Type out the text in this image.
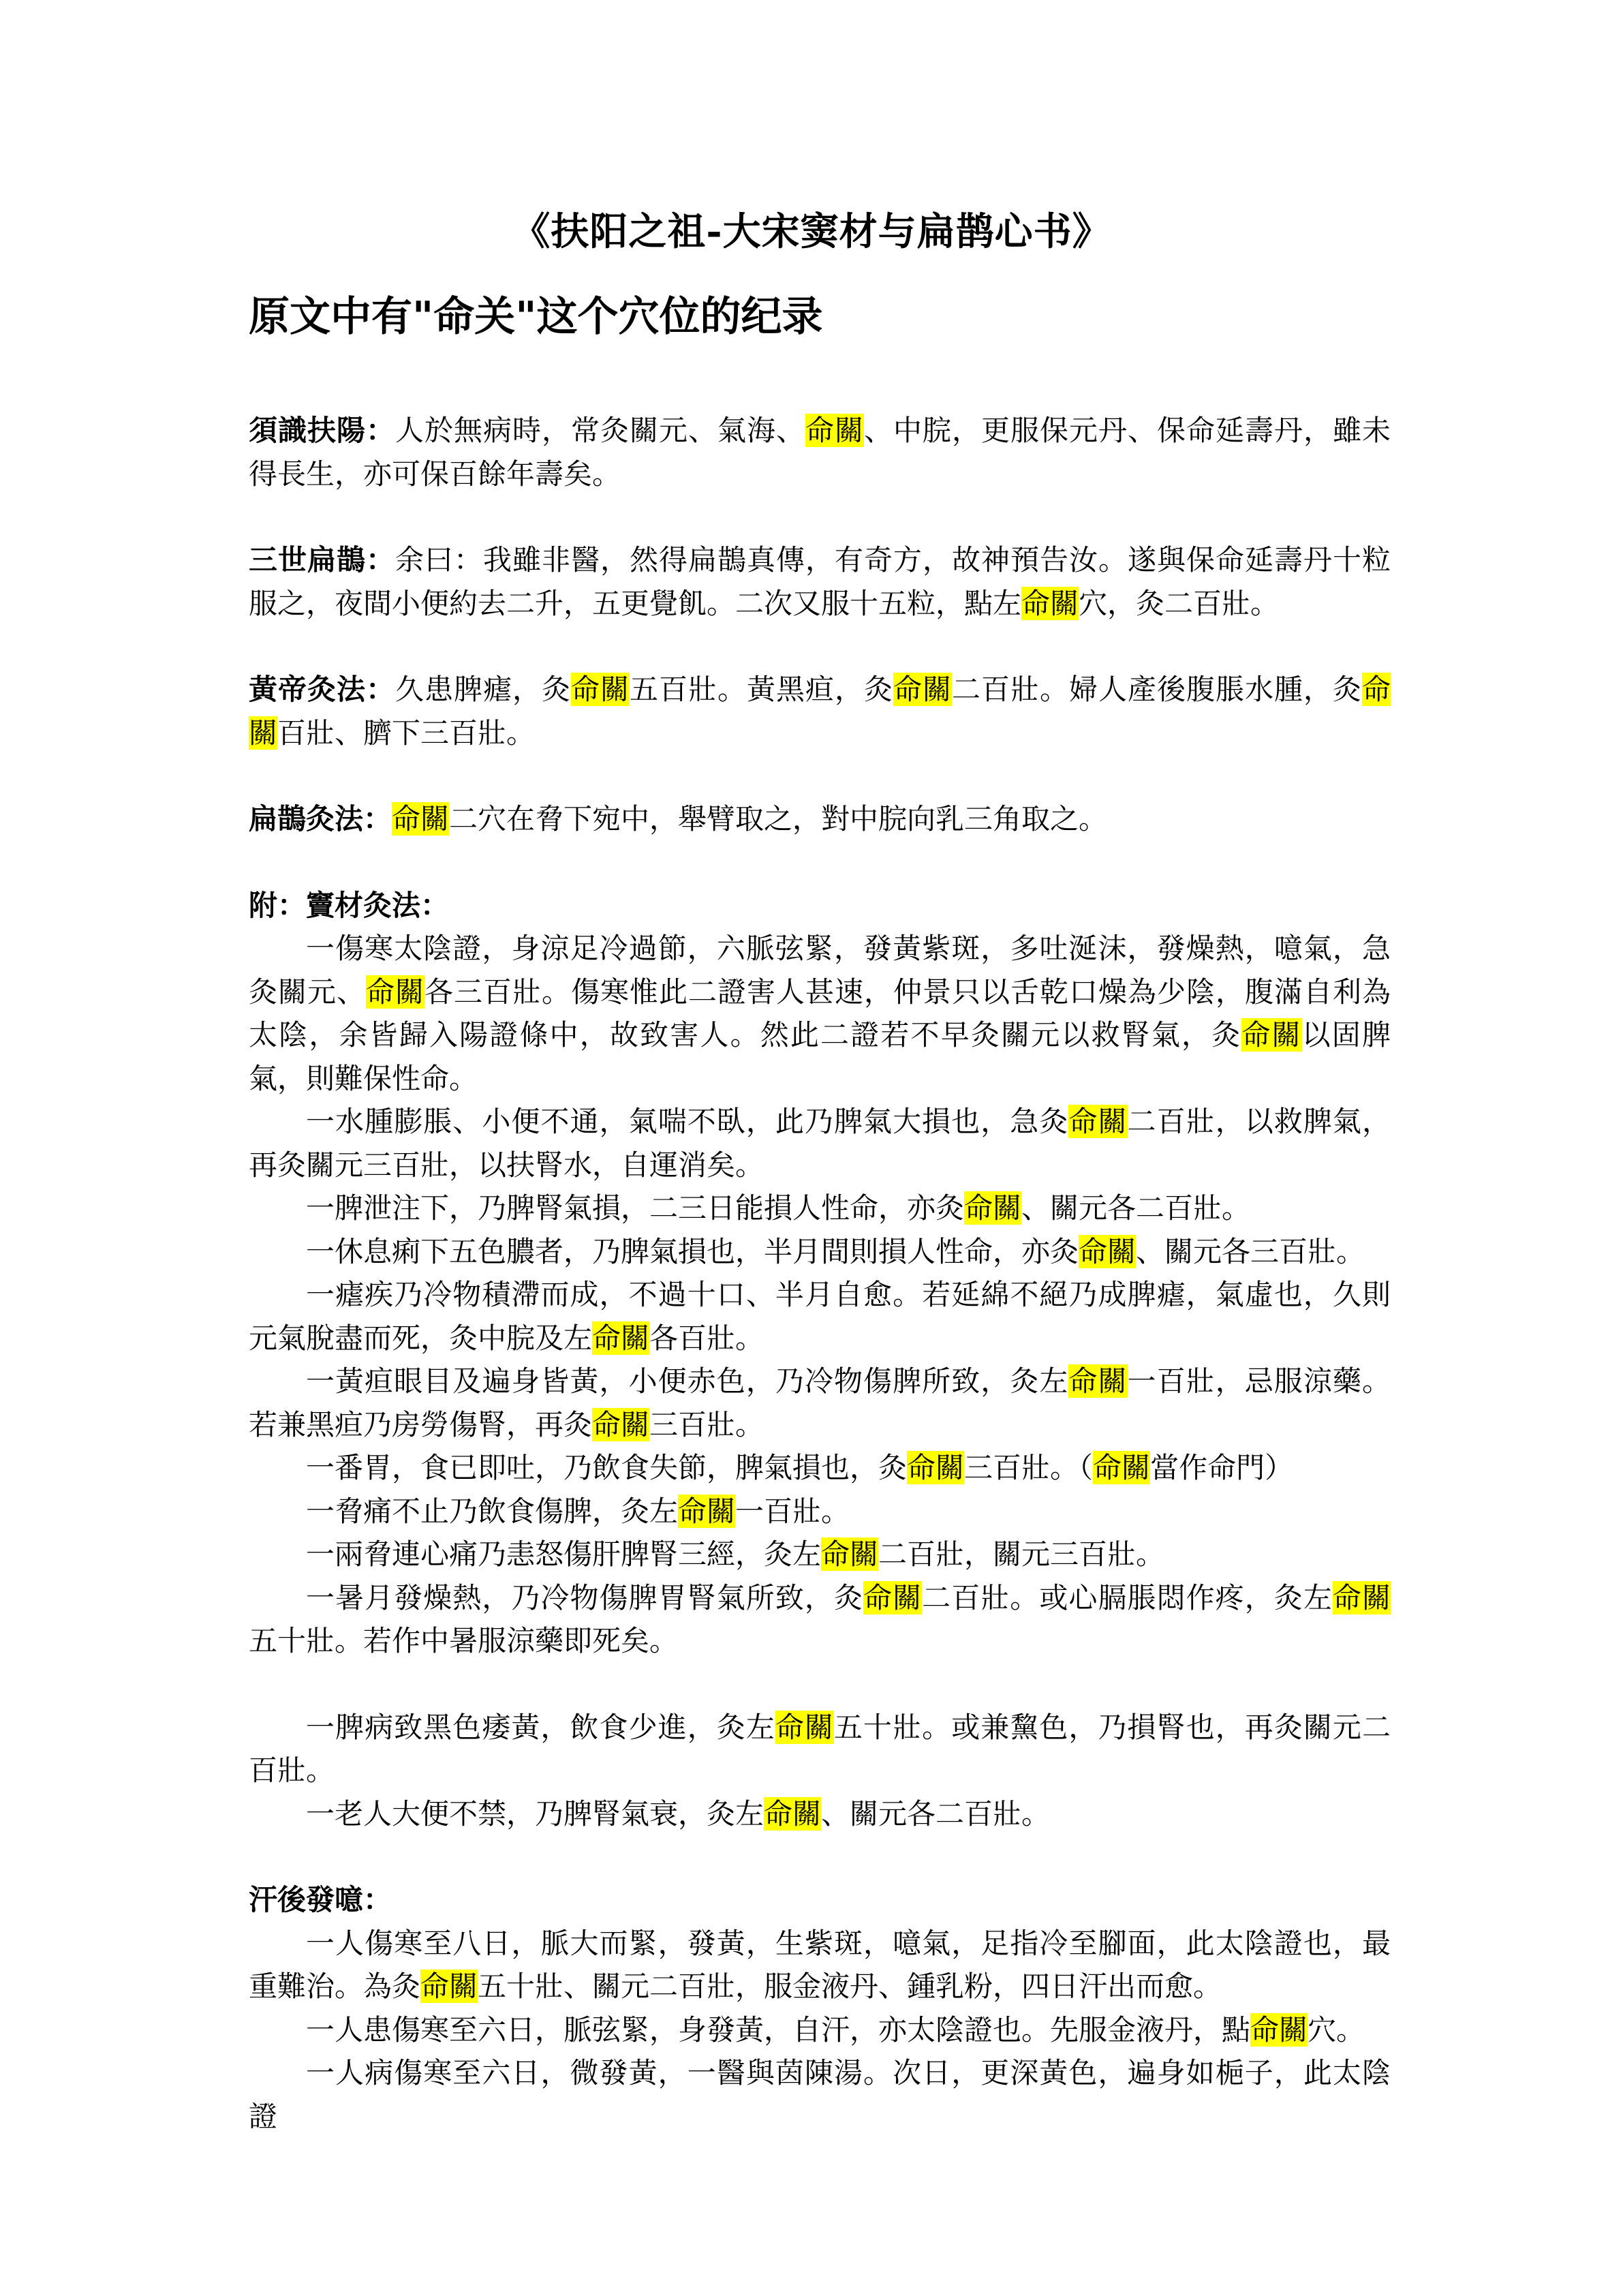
《扶阳之祖-大宋窦材与扁鹊心书》
原文中有"命关"这个穴位的纪录

須識扶陽：人於無病時，常灸關元、氣海、命關、中脘，更服保元丹、保命延壽丹，雖未得長生，亦可保百餘年壽矣。

三世扁鵲：余曰：我雖非醫，然得扁鵲真傳，有奇方，故神預告汝。遂與保命延壽丹十粒服之，夜間小便約去二升，五更覺飢。二次又服十五粒，點左命關穴，灸二百壯。

黃帝灸法：久患脾瘧，灸命關五百壯。黃黑疸，灸命關二百壯。婦人產後腹脹水腫，灸命關百壯、臍下三百壯。

扁鵲灸法：命關二穴在脅下宛中，舉臂取之，對中脘向乳三角取之。

附：竇材灸法：

一傷寒太陰證，身涼足冷過節，六脈弦緊，發黃紫斑，多吐涎沫，發燥熱，噫氣，急灸關元、命關各三百壯。傷寒惟此二證害人甚速，仲景只以舌乾口燥為少陰，腹滿自利為太陰，余皆歸入陽證條中，故致害人。然此二證若不早灸關元以救腎氣，灸命關以固脾氣，則難保性命。

一水腫膨脹、小便不通，氣喘不臥，此乃脾氣大損也，急灸命關二百壯，以救脾氣，再灸關元三百壯，以扶腎水，自運消矣。

一脾泄注下，乃脾腎氣損，二三日能損人性命，亦灸命關、關元各二百壯。

一休息痢下五色膿者，乃脾氣損也，半月間則損人性命，亦灸命關、關元各三百壯。

一瘧疾乃冷物積滯而成，不過十口、半月自愈。若延綿不絕乃成脾瘧，氣虛也，久則元氣脫盡而死，灸中脘及左命關各百壯。

一黃疸眼目及遍身皆黃，小便赤色，乃冷物傷脾所致，灸左命關一百壯，忌服涼藥。若兼黑疸乃房勞傷腎，再灸命關三百壯。

一番胃，食已即吐，乃飲食失節，脾氣損也，灸命關三百壯。（命關當作命門）

一脅痛不止乃飲食傷脾，灸左命關一百壯。

一兩脅連心痛乃恚怒傷肝脾腎三經，灸左命關二百壯，關元三百壯。

一暑月發燥熱，乃冷物傷脾胃腎氣所致，灸命關二百壯。或心膈脹悶作疼，灸左命關五十壯。若作中暑服涼藥即死矣。

一脾病致黑色痿黃，飲食少進，灸左命關五十壯。或兼黧色，乃損腎也，再灸關元二百壯。

一老人大便不禁，乃脾腎氣衰，灸左命關、關元各二百壯。

汗後發噫：

一人傷寒至八日，脈大而緊，發黃，生紫斑，噫氣，足指冷至腳面，此太陰證也，最重難治。為灸命關五十壯、關元二百壯，服金液丹、鍾乳粉，四日汗出而愈。

一人患傷寒至六日，脈弦緊，身發黃，自汗，亦太陰證也。先服金液丹，點命關穴。

一人病傷寒至六日，微發黃，一醫與茵陳湯。次日，更深黃色，遍身如梔子，此太陰證
